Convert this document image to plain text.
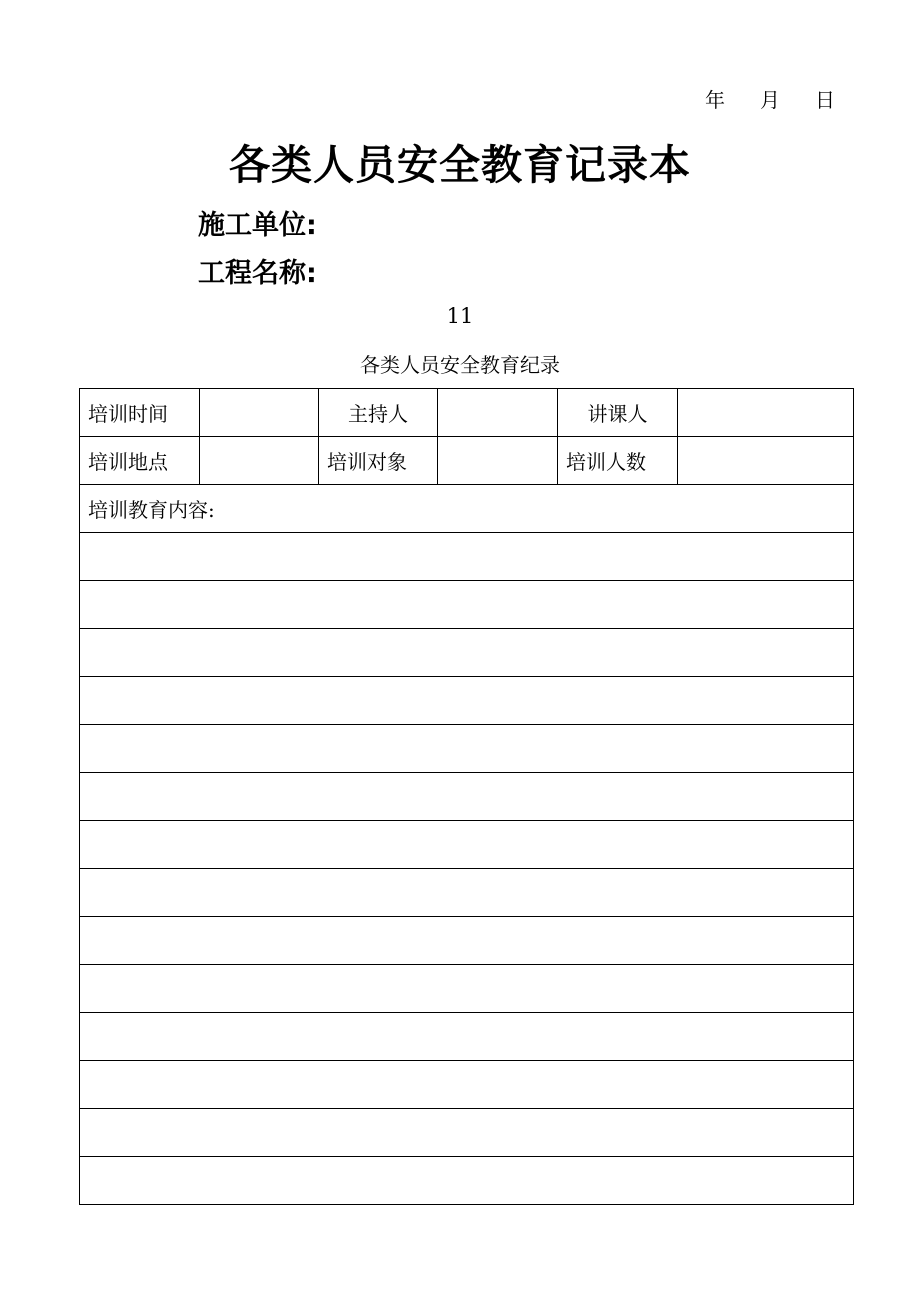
年 月 日
各类人员安全教育记录本
施工单位:
工程名称:
11
各类人员安全教育纪录
培训时间		主持人		讲课人	
培训地点		培训对象		培训人数	
培训教育内容:					
